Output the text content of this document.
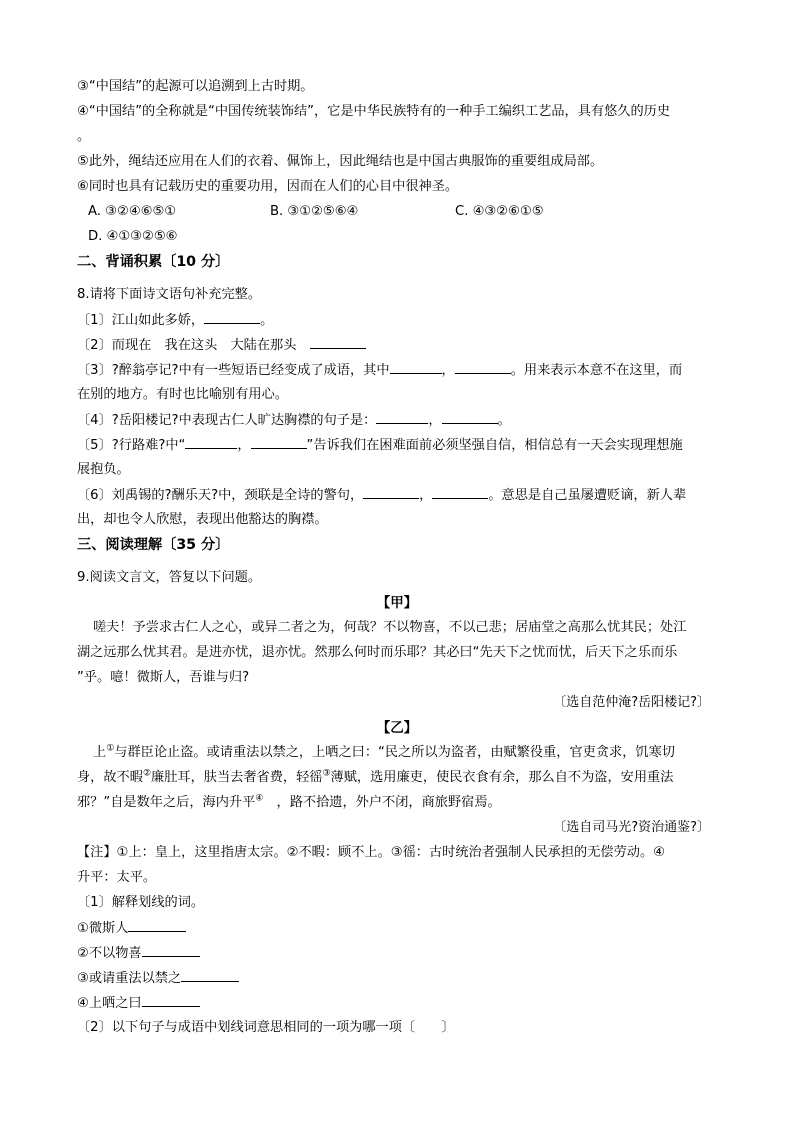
③“中国结”的起源可以追溯到上古时期。
④“中国结”的全称就是“中国传统装饰结”，它是中华民族特有的一种手工编织工艺品，具有悠久的历史
。
⑤此外，绳结还应用在人们的衣着、佩饰上，因此绳结也是中国古典服饰的重要组成局部。
⑥同时也具有记载历史的重要功用，因而在人们的心目中很神圣。
A. ③②④⑥⑤①	B. ③①②⑤⑥④	C. ④③②⑥①⑤
D. ④①③②⑤⑥
二、背诵积累〔10 分〕
8.请将下面诗文语句补充完整。
〔1〕江山如此多娇，	。
〔2〕而现在　我在这头　大陆在那头　
〔3〕?醉翁亭记?中有一些短语已经变成了成语，其中	，	。用来表示本意不在这里，而
在别的地方。有时也比喻别有用心。
〔4〕?岳阳楼记?中表现古仁人旷达胸襟的句子是：	，	。
〔5〕?行路难?中“	，	”告诉我们在困难面前必须坚强自信，相信总有一天会实现理想施
展抱负。
〔6〕刘禹锡的?酬乐天?中，颈联是全诗的警句，	，	。意思是自己虽屡遭贬谪，新人辈
出，却也令人欣慰，表现出他豁达的胸襟。
三、阅读理解〔35 分〕
9.阅读文言文，答复以下问题。
【甲】
嗟夫！予尝求古仁人之心，或异二者之为，何哉？不以物喜，不以己悲；居庙堂之高那么忧其民；处江
湖之远那么忧其君。是进亦忧，退亦忧。然那么何时而乐耶？其必曰“先天下之忧而忧，后天下之乐而乐
”乎。噫！微斯人，吾谁与归?
〔选自范仲淹?岳阳楼记?〕
【乙】
上①与群臣论止盗。或请重法以禁之，上哂之曰：“民之所以为盗者，由赋繁役重，官吏贪求，饥寒切
身，故不暇②廉肚耳，肤当去奢省费，轻徭③薄赋，选用廉吏，使民衣食有余，那么自不为盗，安用重法
邪？”自是数年之后，海内升平④　，路不拾遗，外户不闭，商旅野宿焉。
〔选自司马光?资治通鉴?〕
【注】①上：皇上，这里指唐太宗。②不暇：顾不上。③徭：古时统治者强制人民承担的无偿劳动。④
升平：太平。
〔1〕解释划线的词。
①微斯人
②不以物喜
③或请重法以禁之
④上哂之曰
〔2〕以下句子与成语中划线词意思相同的一项为哪一项〔　　〕
